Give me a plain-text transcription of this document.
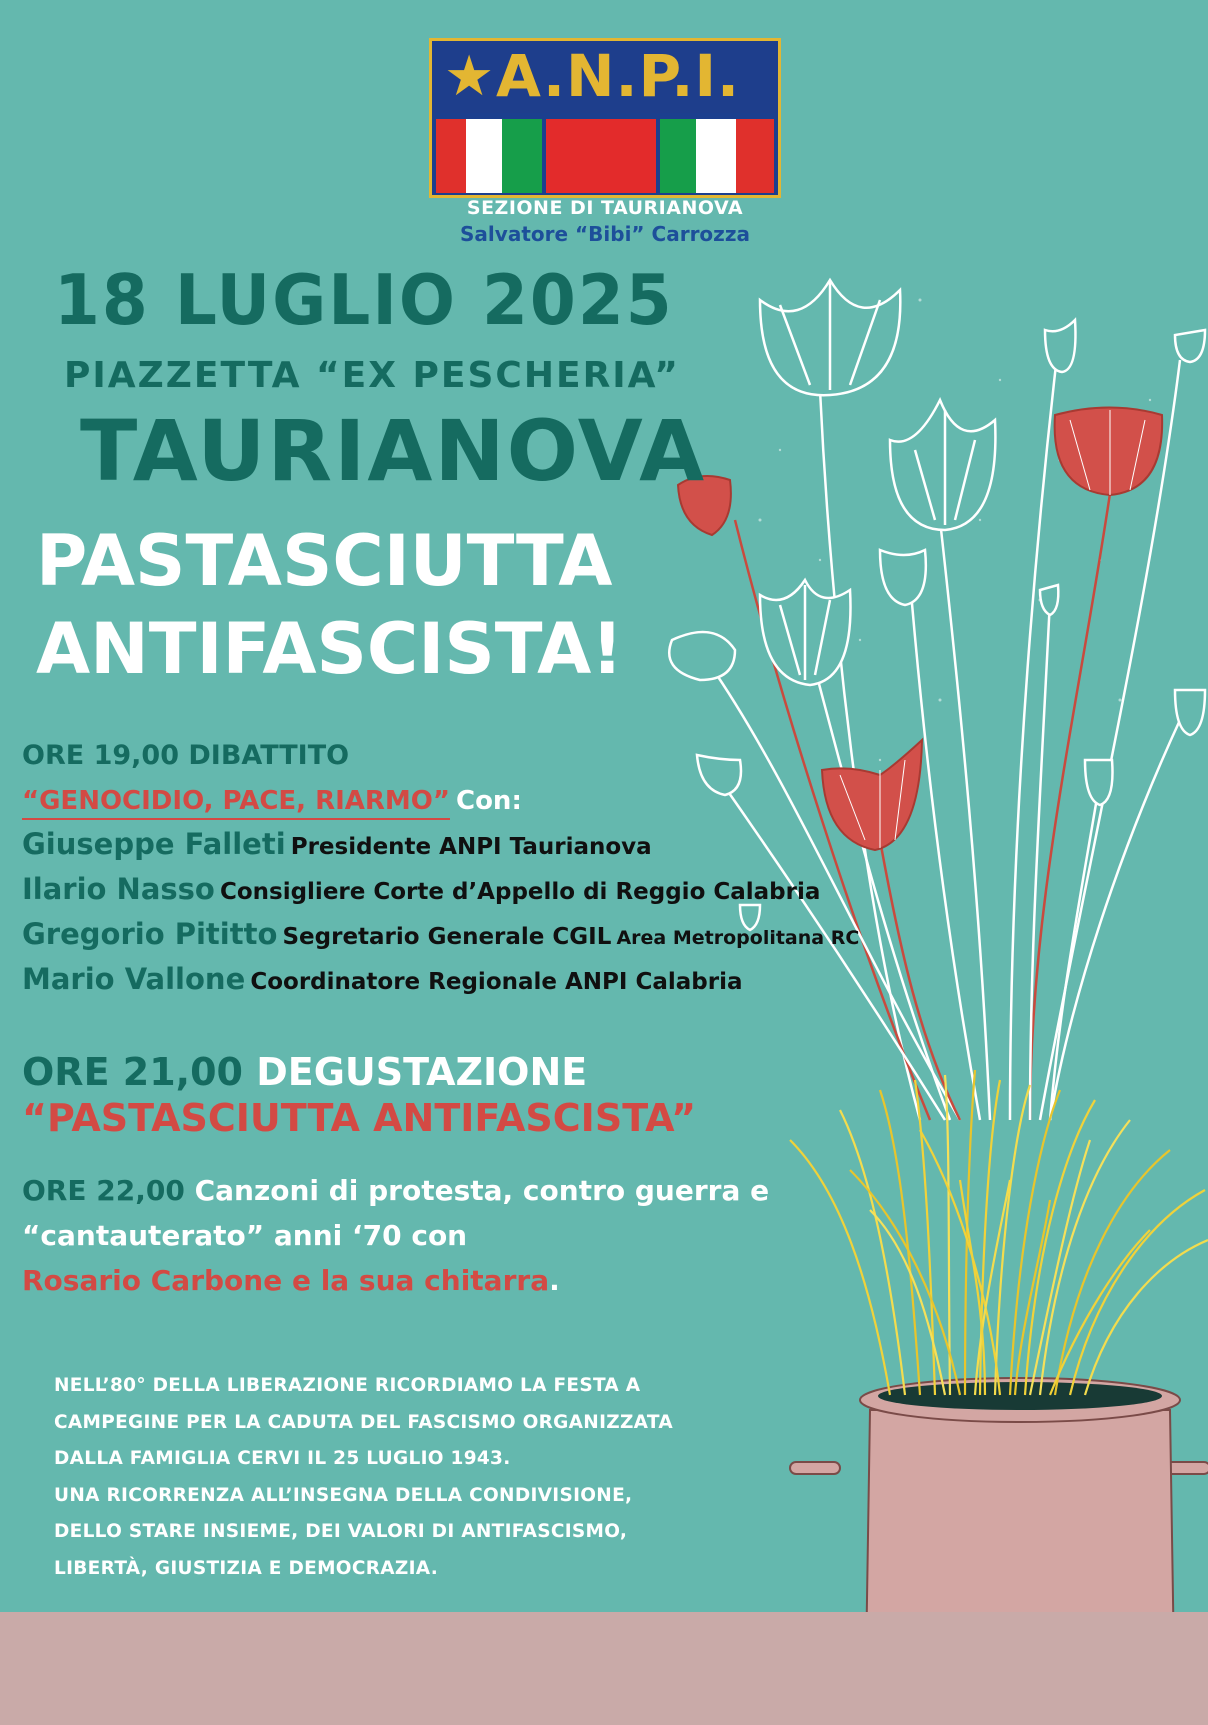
★ A.N.P.I.
SEZIONE DI TAURIANOVA
Salvatore “Bibi” Carrozza
18 LUGLIO 2025
PIAZZETTA “EX PESCHERIA”
TAURIANOVA
PASTASCIUTTA
ANTIFASCISTA!
ORE 19,00 DIBATTITO
“GENOCIDIO, PACE, RIARMO” Con:
Giuseppe Falleti Presidente ANPI Taurianova
Ilario Nasso Consigliere Corte d’Appello di Reggio Calabria
Gregorio Pititto Segretario Generale CGIL Area Metropolitana RC
Mario Vallone Coordinatore Regionale ANPI Calabria
ORE 21,00 DEGUSTAZIONE
“PASTASCIUTTA ANTIFASCISTA”
ORE 22,00 Canzoni di protesta, contro guerra e
“cantauterato” anni ‘70 con
Rosario Carbone e la sua chitarra.
NELL’80° DELLA LIBERAZIONE RICORDIAMO LA FESTA A
CAMPEGINE PER LA CADUTA DEL FASCISMO ORGANIZZATA
DALLA FAMIGLIA CERVI IL 25 LUGLIO 1943.
UNA RICORRENZA ALL’INSEGNA DELLA CONDIVISIONE,
DELLO STARE INSIEME, DEI VALORI DI ANTIFASCISMO,
LIBERTÀ, GIUSTIZIA E DEMOCRAZIA.
